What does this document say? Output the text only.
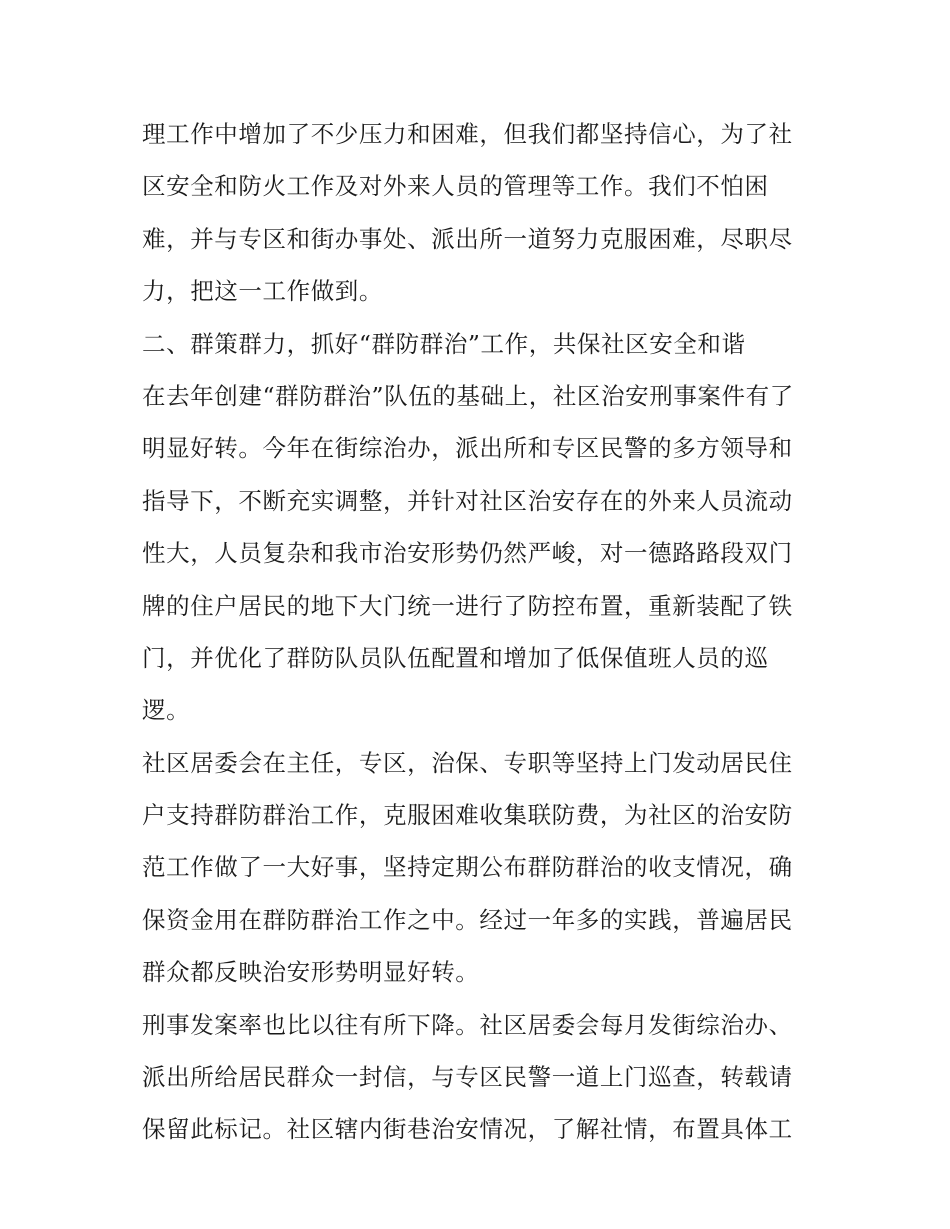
理工作中增加了不少压力和困难，但我们都坚持信心，为了社
区安全和防火工作及对外来人员的管理等工作。我们不怕困
难，并与专区和街办事处、派出所一道努力克服困难，尽职尽
力，把这一工作做到。
二、群策群力，抓好“群防群治”工作，共保社区安全和谐
在去年创建“群防群治”队伍的基础上，社区治安刑事案件有了
明显好转。今年在街综治办，派出所和专区民警的多方领导和
指导下，不断充实调整，并针对社区治安存在的外来人员流动
性大，人员复杂和我市治安形势仍然严峻，对一德路路段双门
牌的住户居民的地下大门统一进行了防控布置，重新装配了铁
门，并优化了群防队员队伍配置和增加了低保值班人员的巡
逻。
社区居委会在主任，专区，治保、专职等坚持上门发动居民住
户支持群防群治工作，克服困难收集联防费，为社区的治安防
范工作做了一大好事，坚持定期公布群防群治的收支情况，确
保资金用在群防群治工作之中。经过一年多的实践，普遍居民
群众都反映治安形势明显好转。
刑事发案率也比以往有所下降。社区居委会每月发街综治办、
派出所给居民群众一封信，与专区民警一道上门巡查，转载请
保留此标记。社区辖内街巷治安情况，了解社情，布置具体工
